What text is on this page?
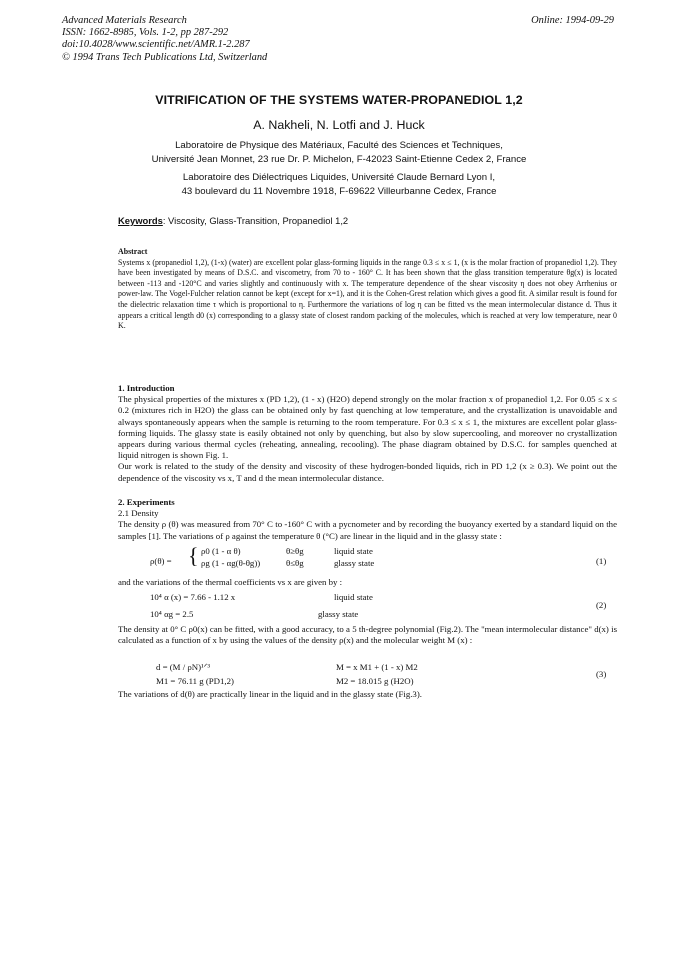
Advanced Materials Research
ISSN: 1662-8985, Vols. 1-2, pp 287-292
doi:10.4028/www.scientific.net/AMR.1-2.287
© 1994 Trans Tech Publications Ltd, Switzerland
Online: 1994-09-29
VITRIFICATION OF THE SYSTEMS WATER-PROPANEDIOL 1,2
A. Nakheli, N. Lotfi and J. Huck
Laboratoire de Physique des Matériaux, Faculté des Sciences et Techniques,
Université Jean Monnet, 23 rue Dr. P. Michelon, F-42023 Saint-Etienne Cedex 2, France
Laboratoire des Diélectriques Liquides, Université Claude Bernard Lyon I,
43 boulevard du 11 Novembre 1918, F-69622 Villeurbanne Cedex, France
Keywords: Viscosity, Glass-Transition, Propanediol 1,2
Abstract
Systems x (propanediol 1,2), (1-x) (water) are excellent polar glass-forming liquids in the range 0.3 ≤ x ≤ 1, (x is the molar fraction of propanediol 1,2). They have been investigated by means of D.S.C. and viscometry, from 70 to - 160° C. It has been shown that the glass transition temperature θg(x) is located between -113 and -120°C and varies slightly and continuously with x. The temperature dependence of the shear viscosity η does not obey Arrhenius or power-law. The Vogel-Fulcher relation cannot be kept (except for x=1), and it is the Cohen-Grest relation which gives a good fit. A similar result is found for the dielectric relaxation time τ which is proportional to η. Furthermore the variations of log η can be fitted vs the mean intermolecular distance d. Thus it appears a critical length d0 (x) corresponding to a glassy state of closest random packing of the molecules, which is reached at very low temperature, near 0 K.
1. Introduction
The physical properties of the mixtures x (PD 1,2), (1 - x) (H2O) depend strongly on the molar fraction x of propanediol 1,2. For 0.05 ≤ x ≤ 0.2 (mixtures rich in H2O) the glass can be obtained only by fast quenching at low temperature, and the crystallization is unavoidable and always spontaneously appears when the sample is returning to the room temperature. For 0.3 ≤ x ≤ 1, the mixtures are excellent polar glass-forming liquids. The glassy state is easily obtained not only by quenching, but also by slow supercooling, and moreover no crystallization appears during various thermal cycles (reheating, annealing, recooling). The phase diagram obtained by D.S.C. for samples quenched at liquid nitrogen is shown Fig. 1.
Our work is related to the study of the density and viscosity of these hydrogen-bonded liquids, rich in PD 1,2 (x ≥ 0.3). We point out the dependence of the viscosity vs x, T and d the mean intermolecular distance.
2. Experiments
2.1 Density
The density ρ (θ) was measured from 70° C to -160° C with a pycnometer and by recording the buoyancy exerted by a standard liquid on the samples [1]. The variations of ρ against the temperature θ (°C) are linear in the liquid and in the glassy state :
ρ(θ) = { ρ0 (1 - α θ)	θ≥θg	liquid state
ρg (1 - αg(θ-θg))	θ≤θg	glassy state	(1)
and the variations of the thermal coefficients vs x are given by :
10⁴ α (x) = 7.66 - 1.12 x	liquid state
10⁴ αg = 2.5	glassy state
(2)
The density at 0° C ρ0(x) can be fitted, with a good accuracy, to a 5 th-degree polynomial (Fig.2). The "mean intermolecular distance" d(x) is calculated as a function of x by using the values of the density ρ(x) and the molecular weight M (x) :
d = (M / ρN)¹ᐟ³	M = x M1 + (1 - x) M2
M1 = 76.11 g (PD1,2)	M2 = 18.015 g (H2O)
(3)
The variations of d(θ) are practically linear in the liquid and in the glassy state (Fig.3).
